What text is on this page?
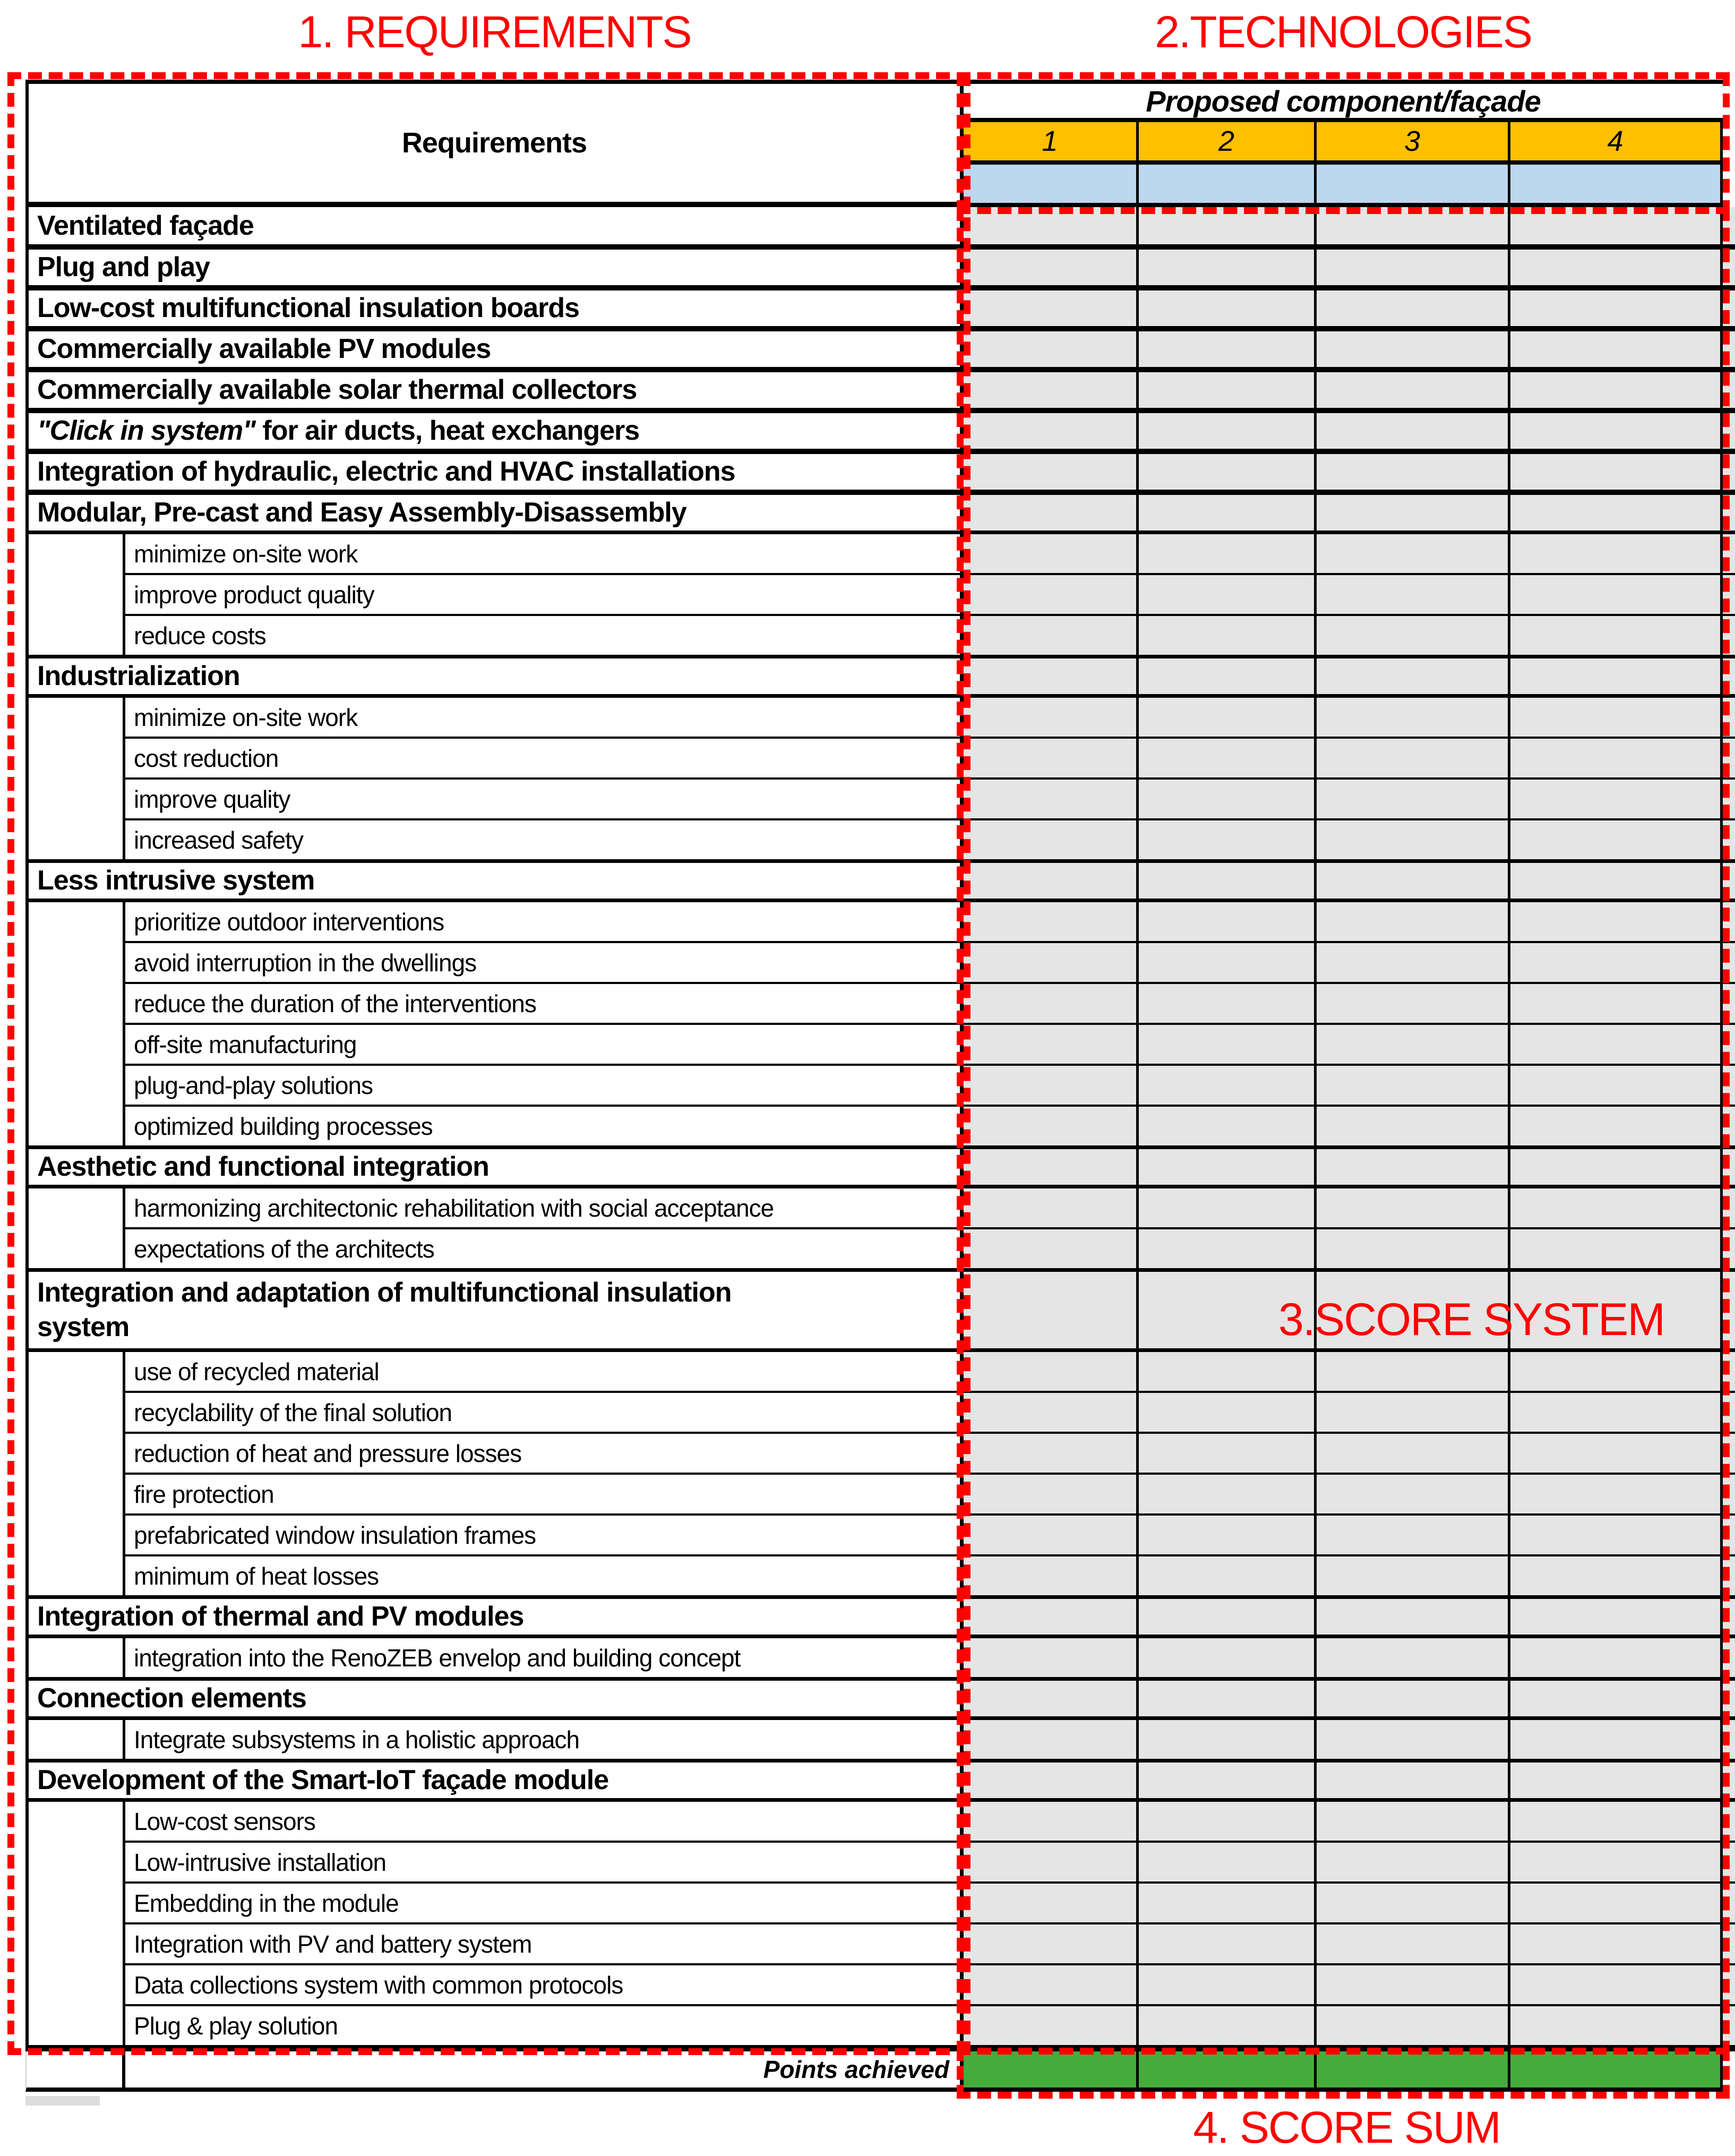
1. REQUIREMENTS	2.TECHNOLOGIES
Requirements
Proposed component/façade
1	2	3	4
Ventilated façade
Plug and play
Low-cost multifunctional insulation boards
Commercially available PV modules
Commercially available solar thermal collectors
"Click in system" for air ducts, heat exchangers
Integration of hydraulic, electric and HVAC installations
Modular, Pre-cast and Easy Assembly-Disassembly
minimize on-site work
improve product quality
reduce costs
Industrialization
minimize on-site work
cost reduction
improve quality
increased safety
Less intrusive system
prioritize outdoor interventions
avoid interruption in the dwellings
reduce the duration of the interventions
off-site manufacturing
plug-and-play solutions
optimized building processes
Aesthetic and functional integration
harmonizing architectonic rehabilitation with social acceptance
expectations of the architects
Integration and adaptation of multifunctional insulation system
use of recycled material
recyclability of the final solution
reduction of heat and pressure losses
fire protection
prefabricated window insulation frames
minimum of heat losses
Integration of thermal and PV modules
integration into the RenoZEB envelop and building concept
Connection elements
Integrate subsystems in a holistic approach
Development of the Smart-IoT façade module
Low-cost sensors
Low-intrusive installation
Embedding in the module
Integration with PV and battery system
Data collections system with common protocols
Plug & play solution
Points achieved
3.SCORE SYSTEM
4. SCORE SUM
